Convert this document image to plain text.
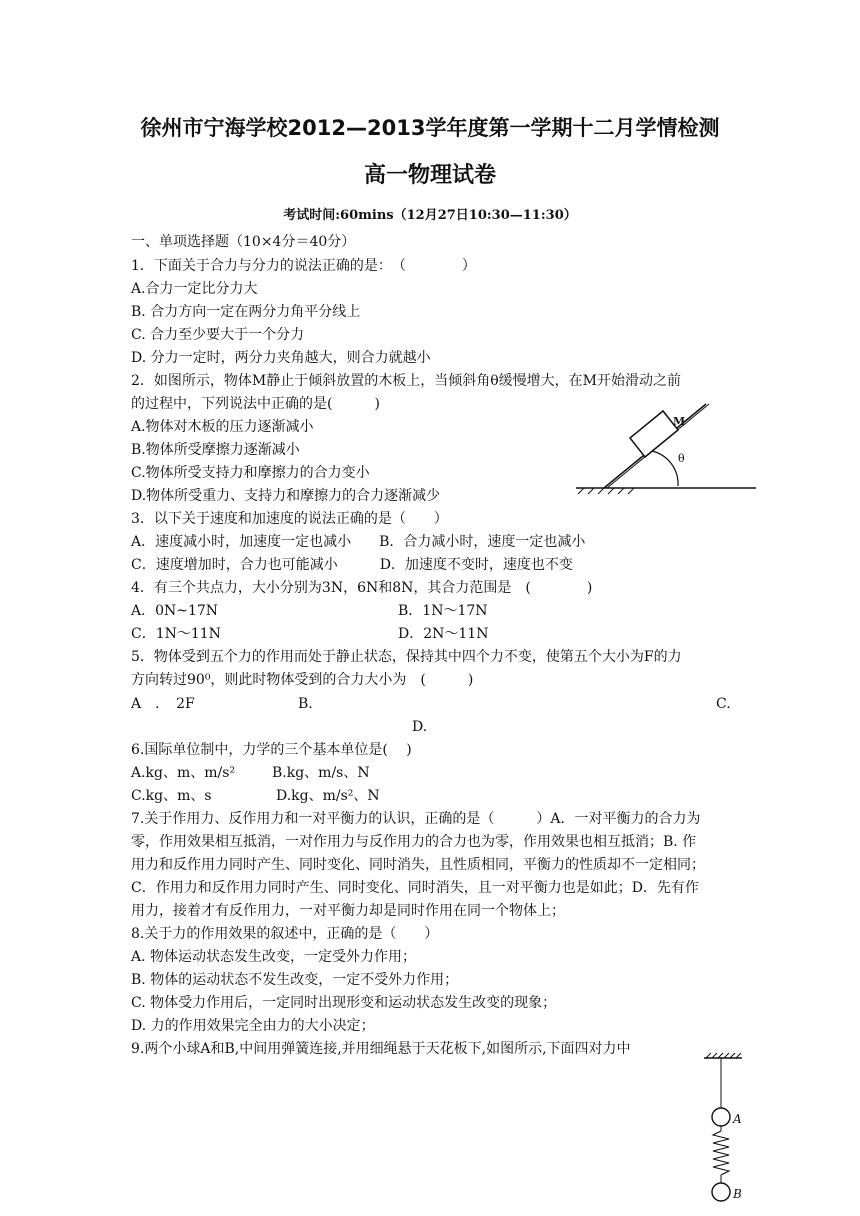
徐州市宁海学校2012—2013学年度第一学期十二月学情检测
高一物理试卷
考试时间:60mins（12月27日10:30—11:30）
一、单项选择题（10×4分＝40分）
1．下面关于合力与分力的说法正确的是：　（　　　　）
A.合力一定比分力大
B. 合力方向一定在两分力角平分线上
C. 合力至少要大于一个分力
D. 分力一定时，两分力夹角越大，则合力就越小
2．如图所示，物体M静止于倾斜放置的木板上，当倾斜角θ缓慢增大，在M开始滑动之前
的过程中，下列说法中正确的是(　　　)
A.物体对木板的压力逐渐减小
B.物体所受摩擦力逐渐减小
C.物体所受支持力和摩擦力的合力变小
D.物体所受重力、支持力和摩擦力的合力逐渐减少
M
θ
3．以下关于速度和加速度的说法正确的是（　　）
A．速度减小时，加速度一定也减小　　B．合力减小时，速度一定也减小
C．速度增加时，合力也可能减小　　　D．加速度不变时，速度也不变
4．有三个共点力，大小分别为3N，6N和8N，其合力范围是　(　　　　)
A．0N~17N	B．1N～17N
C．1N～11N	D．2N～11N
5．物体受到五个力的作用而处于静止状态，保持其中四个力不变，使第五个大小为F的力
方向转过90⁰，则此时物体受到的合力大小为　(　　　)
A　．　2F	B.	C.
D.
6.国际单位制中，力学的三个基本单位是(　 )
A.kg、m、m/s²	B.kg、m/s、N
C.kg、m、s	D.kg、m/s²、N
7.关于作用力、反作用力和一对平衡力的认识，正确的是（　　　）A．一对平衡力的合力为
零，作用效果相互抵消，一对作用力与反作用力的合力也为零，作用效果也相互抵消；B. 作
用力和反作用力同时产生、同时变化、同时消失，且性质相同，平衡力的性质却不一定相同；
C．作用力和反作用力同时产生、同时变化、同时消失，且一对平衡力也是如此；D．先有作
用力，接着才有反作用力，一对平衡力却是同时作用在同一个物体上；
8.关于力的作用效果的叙述中，正确的是（　　）
A. 物体运动状态发生改变，一定受外力作用；
B. 物体的运动状态不发生改变，一定不受外力作用；
C. 物体受力作用后，一定同时出现形变和运动状态发生改变的现象；
D. 力的作用效果完全由力的大小决定；
9.两个小球A和B,中间用弹簧连接,并用细绳悬于天花板下,如图所示,下面四对力中
A
B
